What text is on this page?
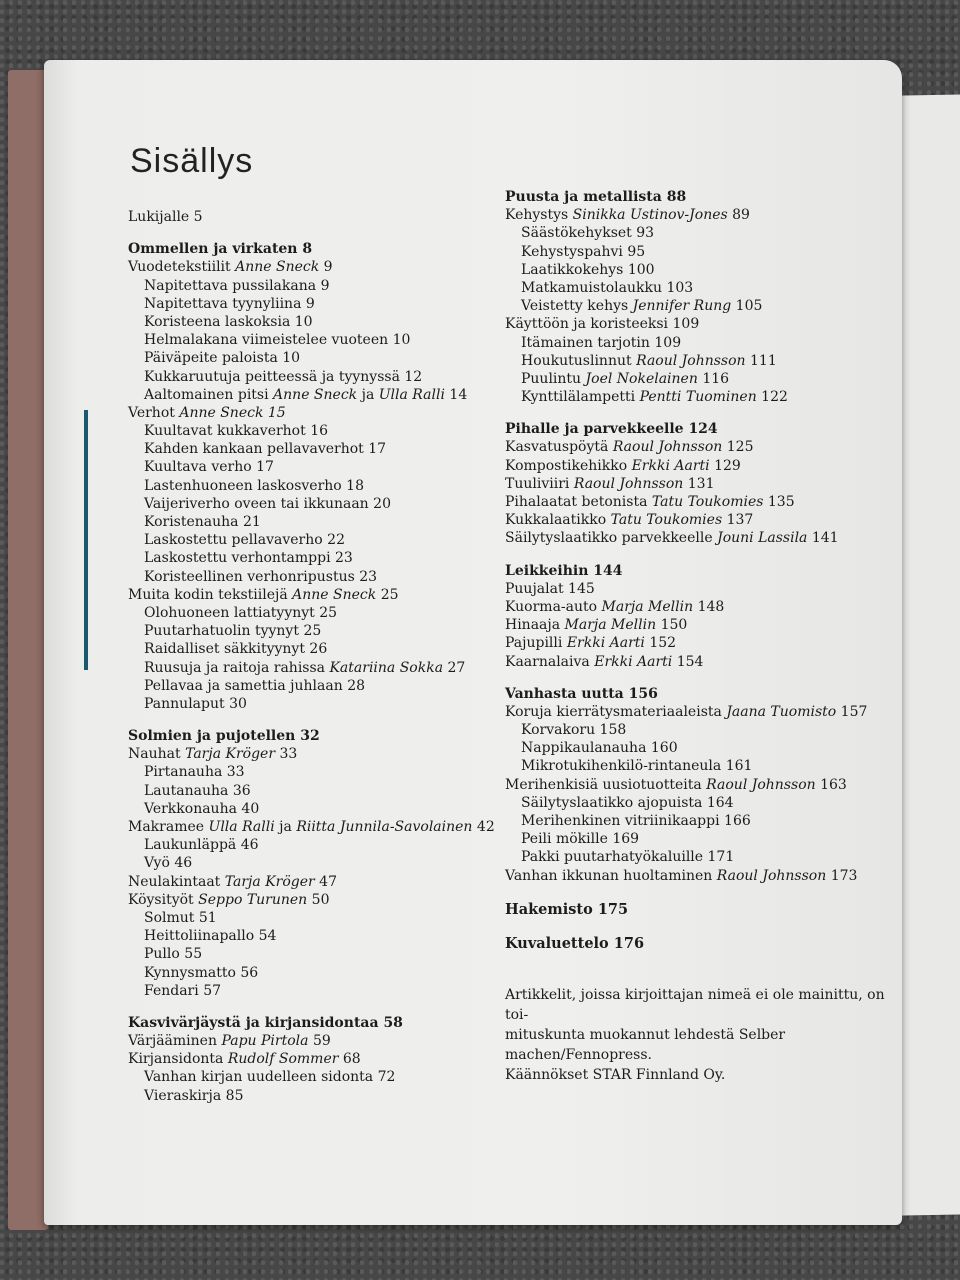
Sisällys
Lukijalle 5
Ommellen ja virkaten 8
Vuodetekstiilit Anne Sneck 9
Napitettava pussilakana 9
Napitettava tyynyliina 9
Koristeena laskoksia 10
Helmalakana viimeistelee vuoteen 10
Päiväpeite paloista 10
Kukkaruutuja peitteessä ja tyynyssä 12
Aaltomainen pitsi Anne Sneck ja Ulla Ralli 14
Verhot Anne Sneck 15
Kuultavat kukkaverhot 16
Kahden kankaan pellavaverhot 17
Kuultava verho 17
Lastenhuoneen laskosverho 18
Vaijeriverho oveen tai ikkunaan 20
Koristenauha 21
Laskostettu pellavaverho 22
Laskostettu verhontamppi 23
Koristeellinen verhonripustus 23
Muita kodin tekstiilejä Anne Sneck 25
Olohuoneen lattiatyynyt 25
Puutarhatuolin tyynyt 25
Raidalliset säkkityynyt 26
Ruusuja ja raitoja rahissa Katariina Sokka 27
Pellavaa ja samettia juhlaan 28
Pannulaput 30
Solmien ja pujotellen 32
Nauhat Tarja Kröger 33
Pirtanauha 33
Lautanauha 36
Verkkonauha 40
Makramee Ulla Ralli ja Riitta Junnila-Savolainen 42
Laukunläppä 46
Vyö 46
Neulakintaat Tarja Kröger 47
Köysityöt Seppo Turunen 50
Solmut 51
Heittoliinapallo 54
Pullo 55
Kynnysmatto 56
Fendari 57
Kasvivärjäystä ja kirjansidontaa 58
Värjääminen Papu Pirtola 59
Kirjansidonta Rudolf Sommer 68
Vanhan kirjan uudelleen sidonta 72
Vieraskirja 85
Puusta ja metallista 88
Kehystys Sinikka Ustinov-Jones 89
Säästökehykset 93
Kehystyspahvi 95
Laatikkokehys 100
Matkamuistolaukku 103
Veistetty kehys Jennifer Rung 105
Käyttöön ja koristeeksi 109
Itämainen tarjotin 109
Houkutuslinnut Raoul Johnsson 111
Puulintu Joel Nokelainen 116
Kynttilälampetti Pentti Tuominen 122
Pihalle ja parvekkeelle 124
Kasvatuspöytä Raoul Johnsson 125
Kompostikehikko Erkki Aarti 129
Tuuliviiri Raoul Johnsson 131
Pihalaatat betonista Tatu Toukomies 135
Kukkalaatikko Tatu Toukomies 137
Säilytyslaatikko parvekkeelle Jouni Lassila 141
Leikkeihin 144
Puujalat 145
Kuorma-auto Marja Mellin 148
Hinaaja Marja Mellin 150
Pajupilli Erkki Aarti 152
Kaarnalaiva Erkki Aarti 154
Vanhasta uutta 156
Koruja kierrätysmateriaaleista Jaana Tuomisto 157
Korvakoru 158
Nappikaulanauha 160
Mikrotukihenkilö-rintaneula 161
Merihenkisiä uusiotuotteita Raoul Johnsson 163
Säilytyslaatikko ajopuista 164
Merihenkinen vitriinikaappi 166
Peili mökille 169
Pakki puutarhatyökaluille 171
Vanhan ikkunan huoltaminen Raoul Johnsson 173
Hakemisto 175
Kuvaluettelo 176
Artikkelit, joissa kirjoittajan nimeä ei ole mainittu, on toi-
mituskunta muokannut lehdestä Selber machen/Fennopress.
Käännökset STAR Finnland Oy.
